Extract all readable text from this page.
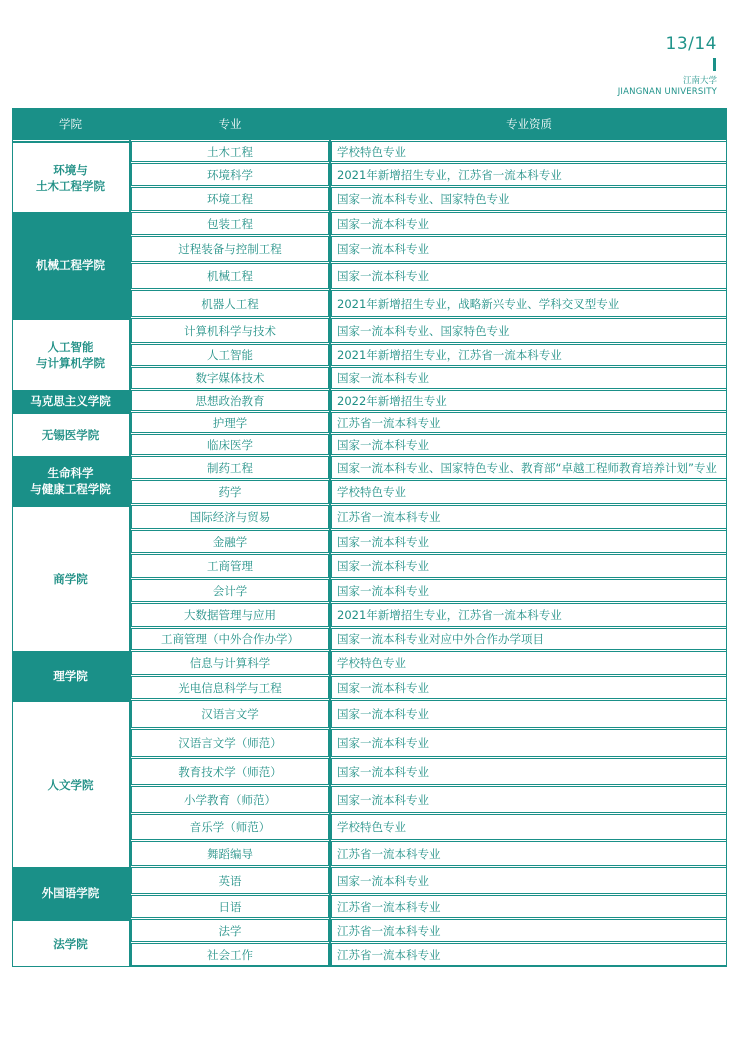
13/14
江南大学
JIANGNAN UNIVERSITY
学院	专业	专业资质
环境与
土木工程学院
土木工程	学校特色专业
环境科学	2021年新增招生专业，江苏省一流本科专业
环境工程	国家一流本科专业、国家特色专业
机械工程学院
包装工程	国家一流本科专业
过程装备与控制工程	国家一流本科专业
机械工程	国家一流本科专业
机器人工程	2021年新增招生专业，战略新兴专业、学科交叉型专业
人工智能
与计算机学院
计算机科学与技术	国家一流本科专业、国家特色专业
人工智能	2021年新增招生专业，江苏省一流本科专业
数字媒体技术	国家一流本科专业
马克思主义学院	思想政治教育	2022年新增招生专业
无锡医学院
护理学	江苏省一流本科专业
临床医学	国家一流本科专业
生命科学
与健康工程学院
制药工程	国家一流本科专业、国家特色专业、教育部“卓越工程师教育培养计划”专业
药学	学校特色专业
商学院
国际经济与贸易	江苏省一流本科专业
金融学	国家一流本科专业
工商管理	国家一流本科专业
会计学	国家一流本科专业
大数据管理与应用	2021年新增招生专业，江苏省一流本科专业
工商管理（中外合作办学）	国家一流本科专业对应中外合作办学项目
理学院
信息与计算科学	学校特色专业
光电信息科学与工程	国家一流本科专业
人文学院
汉语言文学	国家一流本科专业
汉语言文学（师范）	国家一流本科专业
教育技术学（师范）	国家一流本科专业
小学教育（师范）	国家一流本科专业
音乐学（师范）	学校特色专业
舞蹈编导	江苏省一流本科专业
外国语学院
英语	国家一流本科专业
日语	江苏省一流本科专业
法学院
法学	江苏省一流本科专业
社会工作	江苏省一流本科专业
